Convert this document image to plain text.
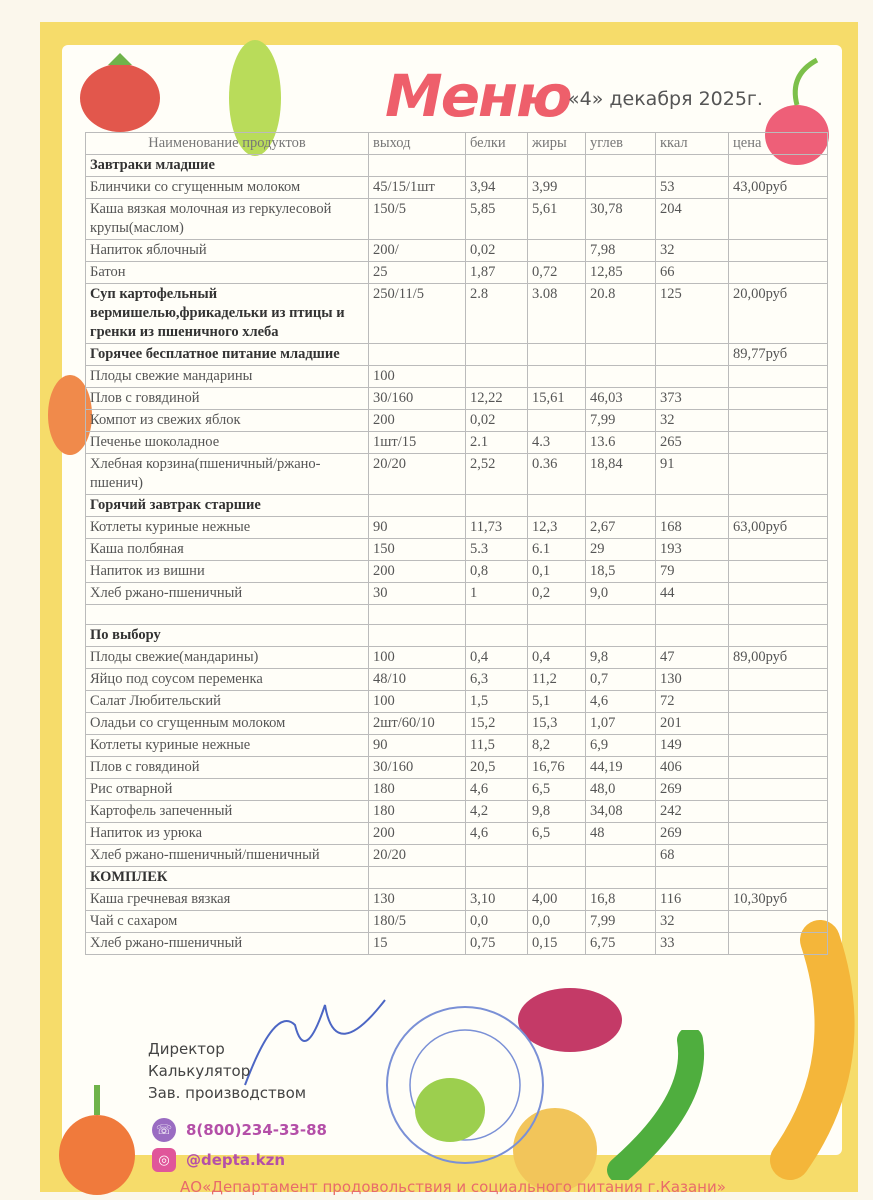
Меню
«4» декабря 2025г.
Наименование продуктов	выход	белки	жиры	углев	ккал	цена
Завтраки младшие						
Блинчики со сгущенным молоком	45/15/1шт	3,94	3,99		53	43,00руб
Каша вязкая молочная из геркулесовой крупы(маслом)	150/5	5,85	5,61	30,78	204	
Напиток яблочный	200/	0,02		7,98	32	
Батон	25	1,87	0,72	12,85	66	
Суп картофельный вермишелью,фрикадельки из птицы и гренки из пшеничного хлеба	250/11/5	2.8	3.08	20.8	125	20,00руб
Горячее бесплатное питание младшие						89,77руб
Плоды свежие мандарины	100					
Плов с говядиной	30/160	12,22	15,61	46,03	373	
Компот из свежих яблок	200	0,02		7,99	32	
Печенье шоколадное	1шт/15	2.1	4.3	13.6	265	
Хлебная корзина(пшеничный/ржано-пшенич)	20/20	2,52	0.36	18,84	91	
Горячий завтрак старшие						
Котлеты куриные нежные	90	11,73	12,3	2,67	168	63,00руб
Каша полбяная	150	5.3	6.1	29	193	
Напиток из вишни	200	0,8	0,1	18,5	79	
Хлеб ржано-пшеничный	30	1	0,2	9,0	44	

По выбору						
Плоды свежие(мандарины)	100	0,4	0,4	9,8	47	89,00руб
Яйцо под соусом переменка	48/10	6,3	11,2	0,7	130	
Салат Любительский	100	1,5	5,1	4,6	72	
Оладьи со сгущенным молоком	2шт/60/10	15,2	15,3	1,07	201	
Котлеты куриные нежные	90	11,5	8,2	6,9	149	
Плов с говядиной	30/160	20,5	16,76	44,19	406	
Рис отварной	180	4,6	6,5	48,0	269	
Картофель запеченный	180	4,2	9,8	34,08	242	
Напиток из урюка	200	4,6	6,5	48	269	
Хлеб ржано-пшеничный/пшеничный	20/20				68	
КОМПЛЕК						
Каша гречневая вязкая	130	3,10	4,00	16,8	116	10,30руб
Чай с сахаром	180/5	0,0	0,0	7,99	32	
Хлеб ржано-пшеничный	15	0,75	0,15	6,75	33	
Директор
Калькулятор
Зав. производством
☏ 8(800)234-33-88
◎	@depta.kzn
АО«Департамент продовольствия и социального питания г.Казани»
